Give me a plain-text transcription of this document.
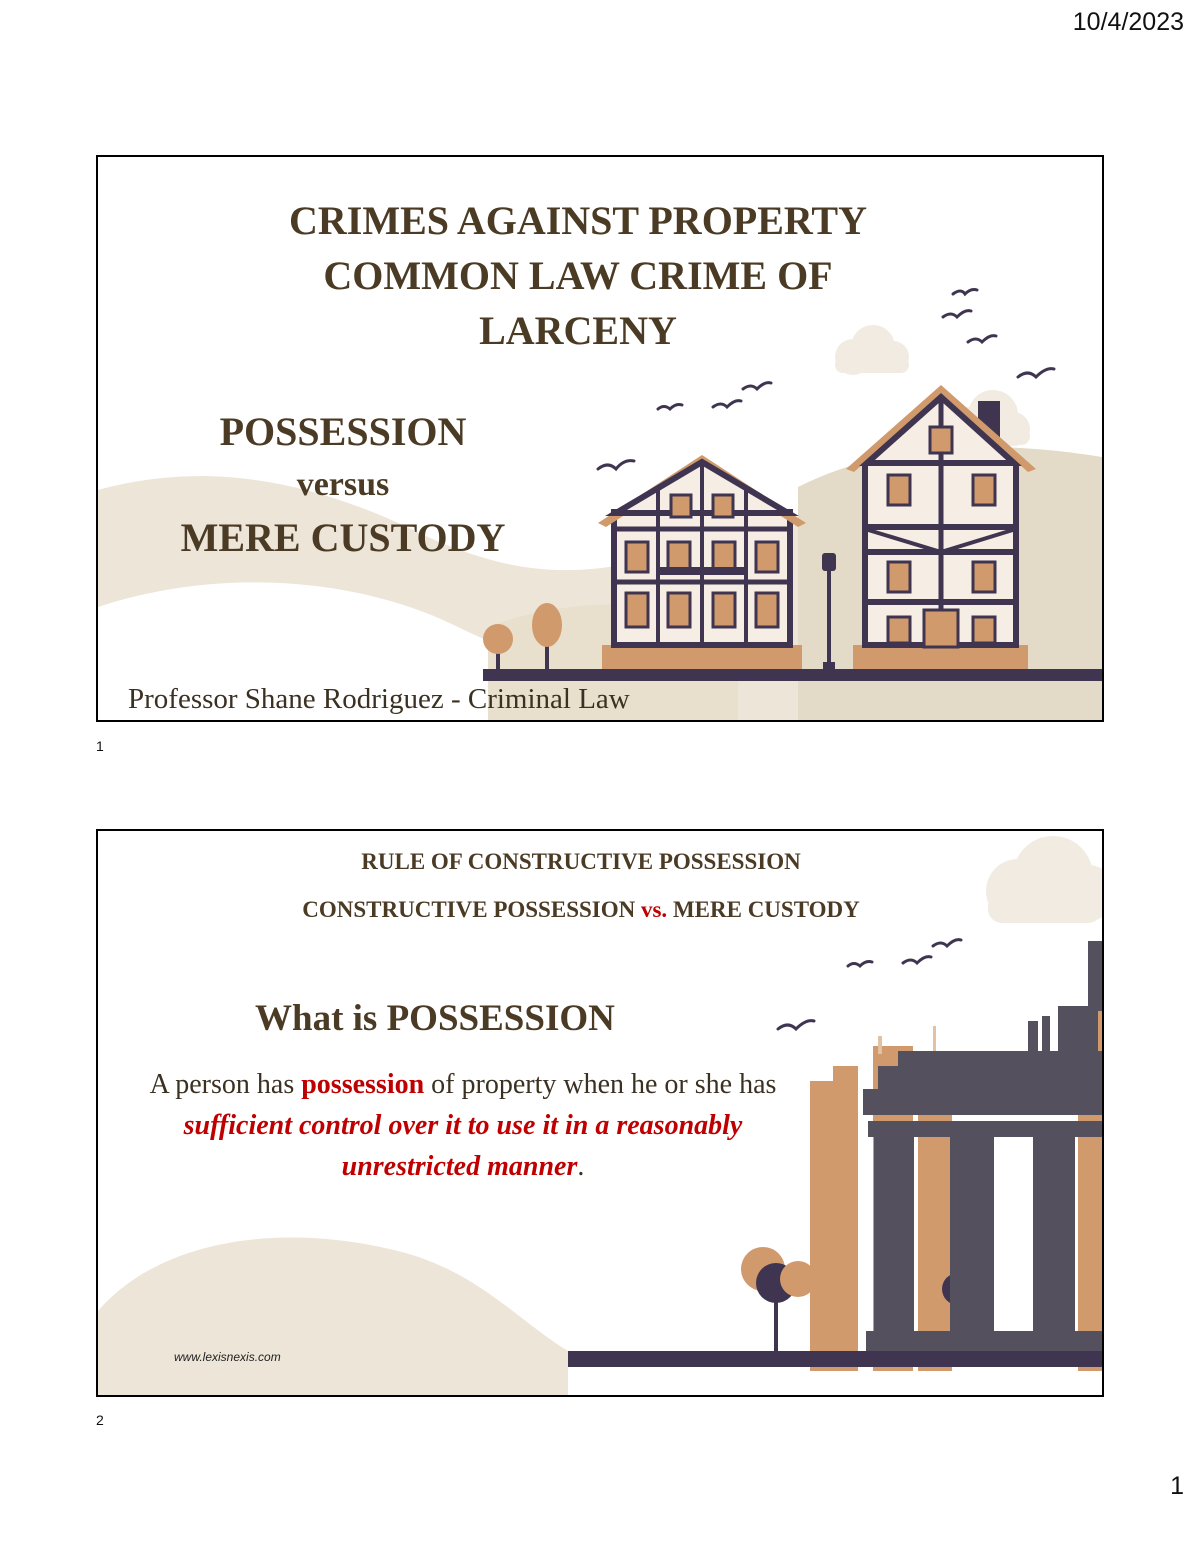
10/4/2023
CRIMES AGAINST PROPERTY
COMMON LAW CRIME OF
LARCENY
POSSESSION
versus
MERE CUSTODY
Professor Shane Rodriguez - Criminal Law
1
RULE OF CONSTRUCTIVE POSSESSION
CONSTRUCTIVE POSSESSION vs. MERE CUSTODY
What is POSSESSION
A person has possession of property when he or she has sufficient control over it to use it in a reasonably unrestricted manner.
www.lexisnexis.com
2
1
